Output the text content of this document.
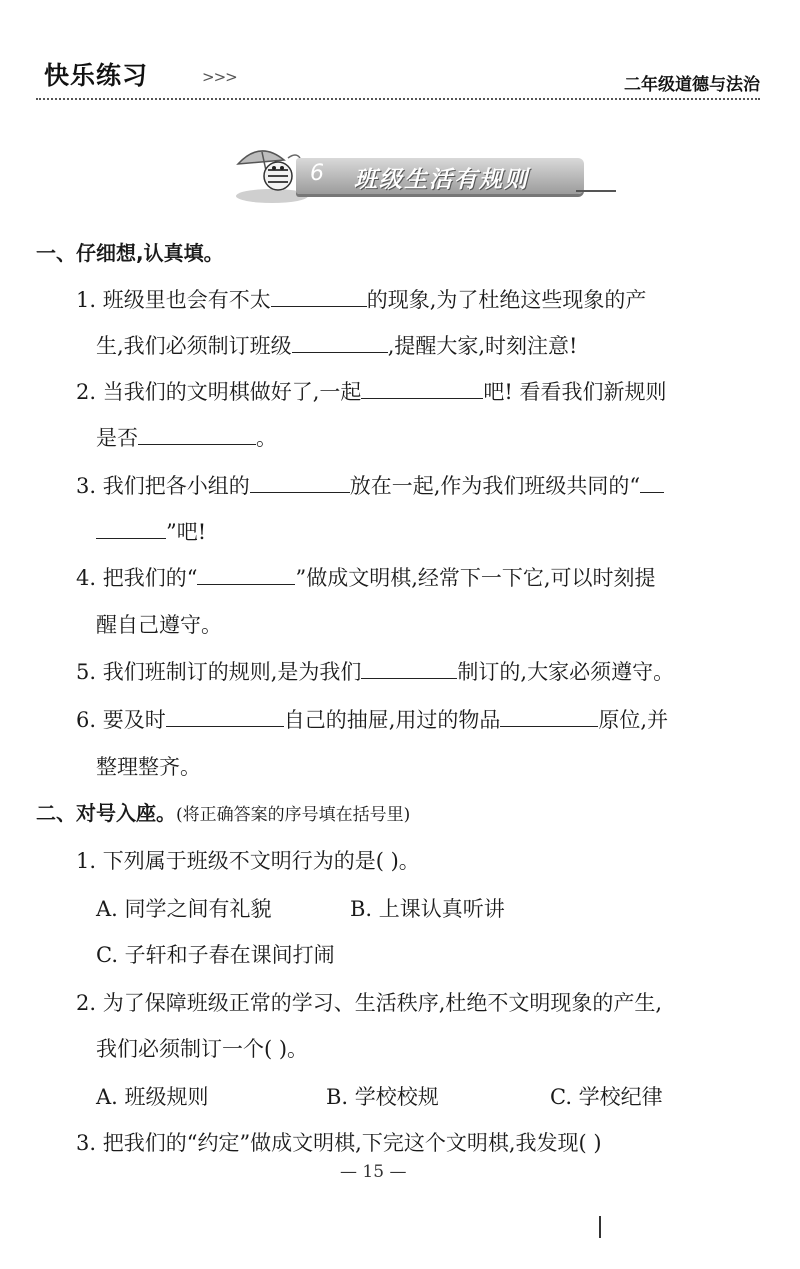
快乐练习	>>>	二年级道德与法治
6 班级生活有规则
一、仔细想,认真填。
1. 班级里也会有不太	的现象,为了杜绝这些现象的产
生,我们必须制订班级	,提醒大家,时刻注意!
2. 当我们的文明棋做好了,一起	吧! 看看我们新规则
是否	。
3. 我们把各小组的	放在一起,作为我们班级共同的“
”吧!
4. 把我们的“	”做成文明棋,经常下一下它,可以时刻提
醒自己遵守。
5. 我们班制订的规则,是为我们	制订的,大家必须遵守。
6. 要及时	自己的抽屉,用过的物品	原位,并
整理整齐。
二、对号入座。(将正确答案的序号填在括号里)
1. 下列属于班级不文明行为的是( )。
A. 同学之间有礼貌	B. 上课认真听讲
C. 子轩和子春在课间打闹
2. 为了保障班级正常的学习、生活秩序,杜绝不文明现象的产生,
我们必须制订一个( )。
A. 班级规则	B. 学校校规	C. 学校纪律
3. 把我们的“约定”做成文明棋,下完这个文明棋,我发现( )
— 15 —
